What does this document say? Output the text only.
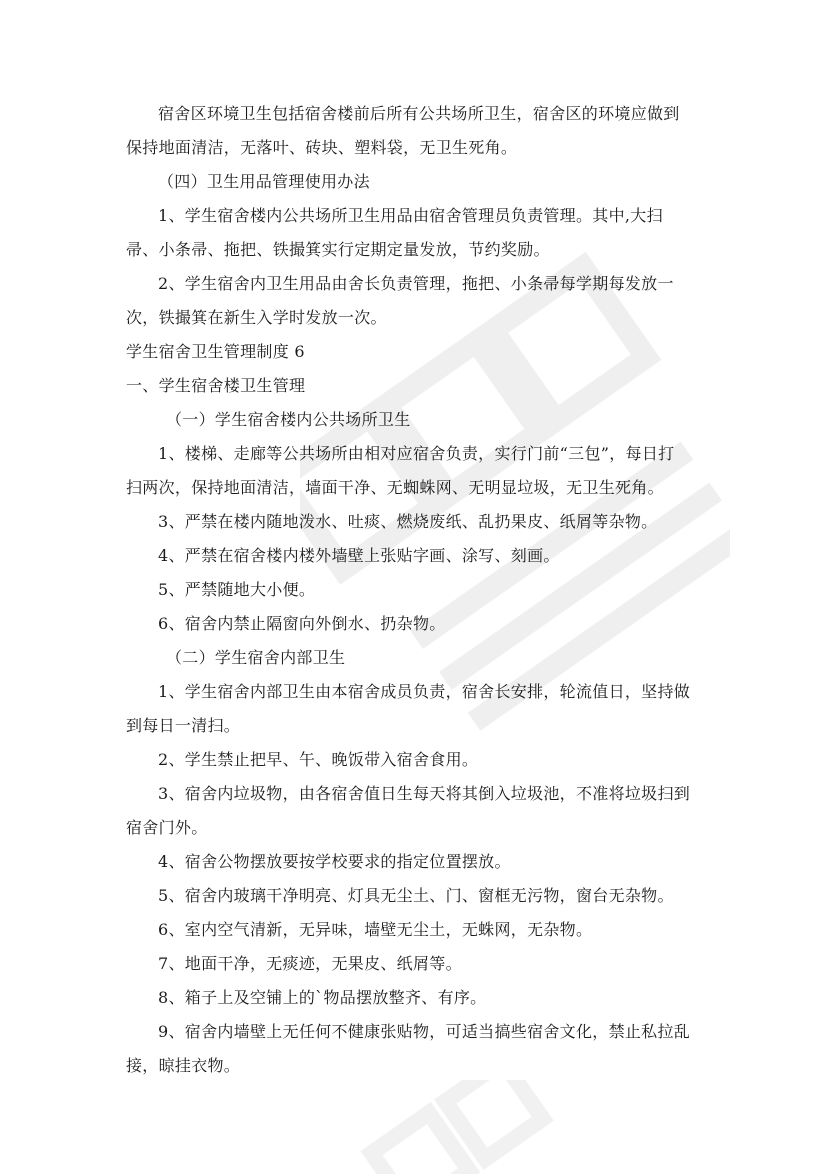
宿舍区环境卫生包括宿舍楼前后所有公共场所卫生，宿舍区的环境应做到

保持地面清洁，无落叶、砖块、塑料袋，无卫生死角。

（四）卫生用品管理使用办法

1、学生宿舍楼内公共场所卫生用品由宿舍管理员负责管理。其中,大扫

帚、小条帚、拖把、铁撮箕实行定期定量发放，节约奖励。

2、学生宿舍内卫生用品由舍长负责管理，拖把、小条帚每学期每发放一

次，铁撮箕在新生入学时发放一次。

学生宿舍卫生管理制度 6

一、学生宿舍楼卫生管理

（一）学生宿舍楼内公共场所卫生

1、楼梯、走廊等公共场所由相对应宿舍负责，实行门前“三包”，每日打

扫两次，保持地面清洁，墙面干净、无蜘蛛网、无明显垃圾，无卫生死角。

3、严禁在楼内随地泼水、吐痰、燃烧废纸、乱扔果皮、纸屑等杂物。

4、严禁在宿舍楼内楼外墙壁上张贴字画、涂写、刻画。

5、严禁随地大小便。

6、宿舍内禁止隔窗向外倒水、扔杂物。

（二）学生宿舍内部卫生

1、学生宿舍内部卫生由本宿舍成员负责，宿舍长安排，轮流值日，坚持做

到每日一清扫。

2、学生禁止把早、午、晚饭带入宿舍食用。

3、宿舍内垃圾物，由各宿舍值日生每天将其倒入垃圾池，不准将垃圾扫到

宿舍门外。

4、宿舍公物摆放要按学校要求的指定位置摆放。

5、宿舍内玻璃干净明亮、灯具无尘土、门、窗框无污物，窗台无杂物。

6、室内空气清新，无异味，墙壁无尘土，无蛛网，无杂物。

7、地面干净，无痰迹，无果皮、纸屑等。

8、箱子上及空铺上的`物品摆放整齐、有序。

9、宿舍内墙壁上无任何不健康张贴物，可适当搞些宿舍文化，禁止私拉乱

接，晾挂衣物。
